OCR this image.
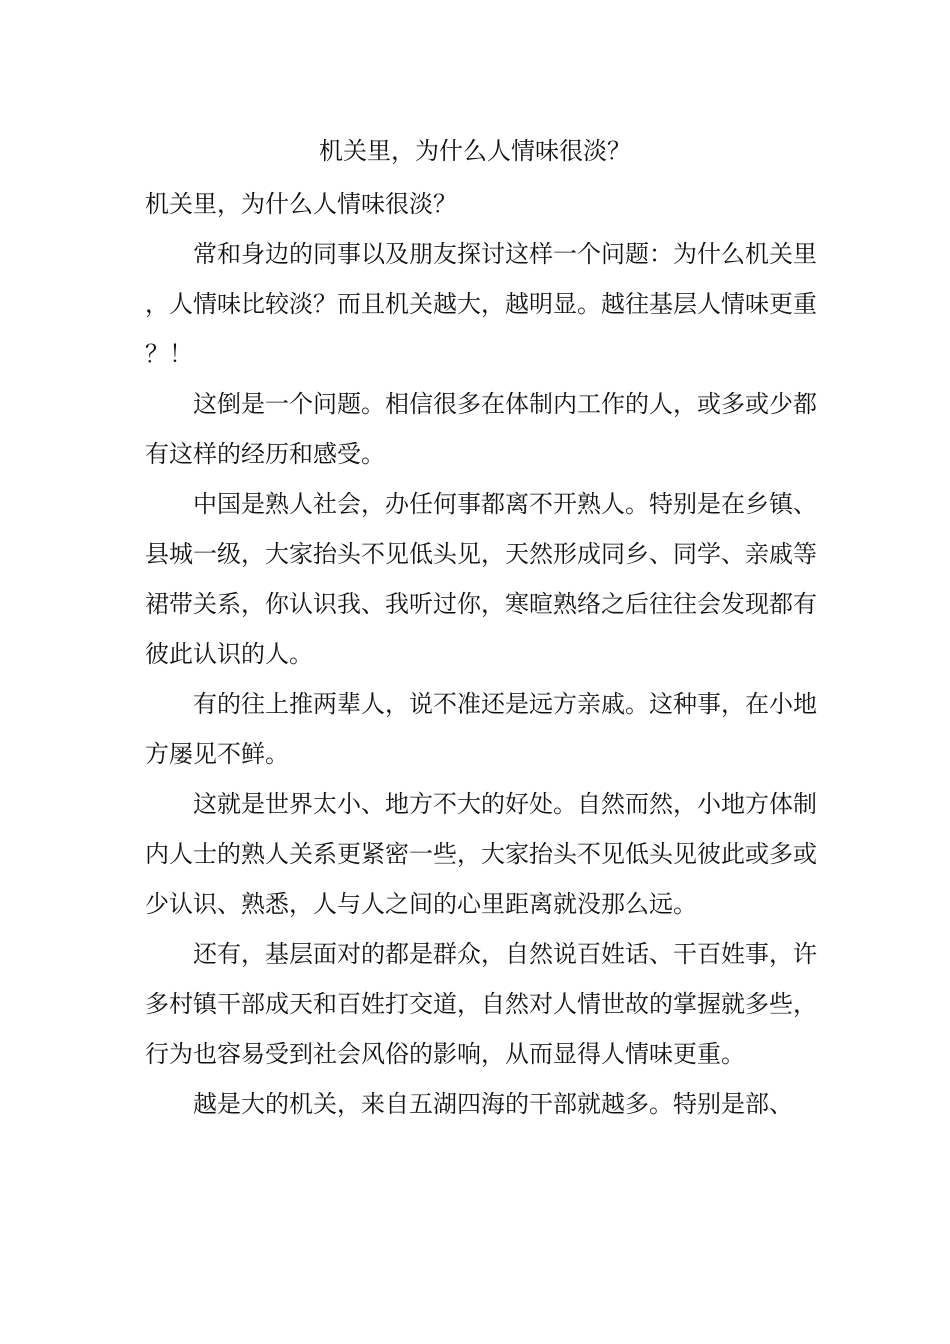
机关里，为什么人情味很淡？

机关里，为什么人情味很淡？

常和身边的同事以及朋友探讨这样一个问题：为什么机关里，人情味比较淡？而且机关越大，越明显。越往基层人情味更重？！

这倒是一个问题。相信很多在体制内工作的人，或多或少都有这样的经历和感受。

中国是熟人社会，办任何事都离不开熟人。特别是在乡镇、县城一级，大家抬头不见低头见，天然形成同乡、同学、亲戚等裙带关系，你认识我、我听过你，寒暄熟络之后往往会发现都有彼此认识的人。

有的往上推两辈人，说不准还是远方亲戚。这种事，在小地方屡见不鲜。

这就是世界太小、地方不大的好处。自然而然，小地方体制内人士的熟人关系更紧密一些，大家抬头不见低头见彼此或多或少认识、熟悉，人与人之间的心里距离就没那么远。

还有，基层面对的都是群众，自然说百姓话、干百姓事，许多村镇干部成天和百姓打交道，自然对人情世故的掌握就多些，行为也容易受到社会风俗的影响，从而显得人情味更重。

越是大的机关，来自五湖四海的干部就越多。特别是部、
